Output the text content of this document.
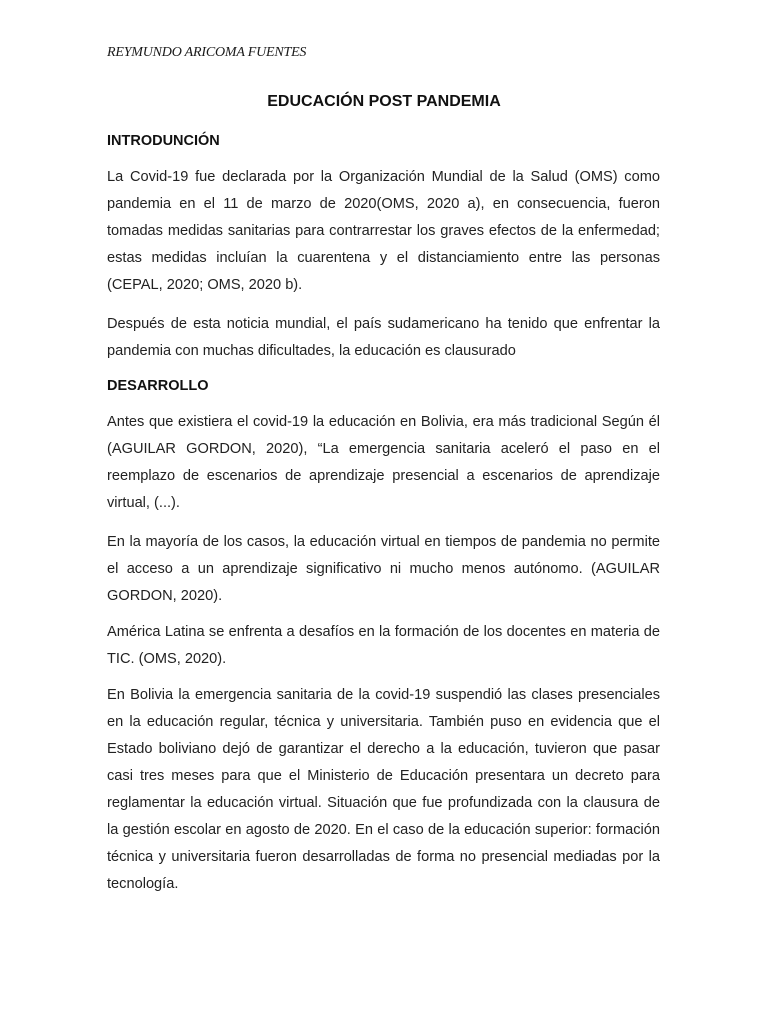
REYMUNDO ARICOMA FUENTES
EDUCACIÓN POST PANDEMIA
INTRODUNCIÓN

La Covid-19 fue declarada por la Organización Mundial de la Salud (OMS) como pandemia en el 11 de marzo de 2020(OMS, 2020 a), en consecuencia, fueron tomadas medidas sanitarias para contrarrestar los graves efectos de la enfermedad; estas medidas incluían la cuarentena y el distanciamiento entre las personas (CEPAL, 2020; OMS, 2020 b).

Después de esta noticia mundial, el país sudamericano ha tenido que enfrentar la pandemia con muchas dificultades, la educación es clausurado

DESARROLLO

Antes que existiera el covid-19 la educación en Bolivia, era más tradicional Según él (AGUILAR GORDON, 2020), “La emergencia sanitaria aceleró el paso en el reemplazo de escenarios de aprendizaje presencial a escenarios de aprendizaje virtual, (...).

En la mayoría de los casos, la educación virtual en tiempos de pandemia no permite el acceso a un aprendizaje significativo ni mucho menos autónomo. (AGUILAR GORDON, 2020).

América Latina se enfrenta a desafíos en la formación de los docentes en materia de TIC. (OMS, 2020).

En Bolivia la emergencia sanitaria de la covid-19 suspendió las clases presenciales en la educación regular, técnica y universitaria. También puso en evidencia que el Estado boliviano dejó de garantizar el derecho a la educación, tuvieron que pasar casi tres meses para que el Ministerio de Educación presentara un decreto para reglamentar la educación virtual. Situación que fue profundizada con la clausura de la gestión escolar en agosto de 2020. En el caso de la educación superior: formación técnica y universitaria fueron desarrolladas de forma no presencial mediadas por la tecnología.
